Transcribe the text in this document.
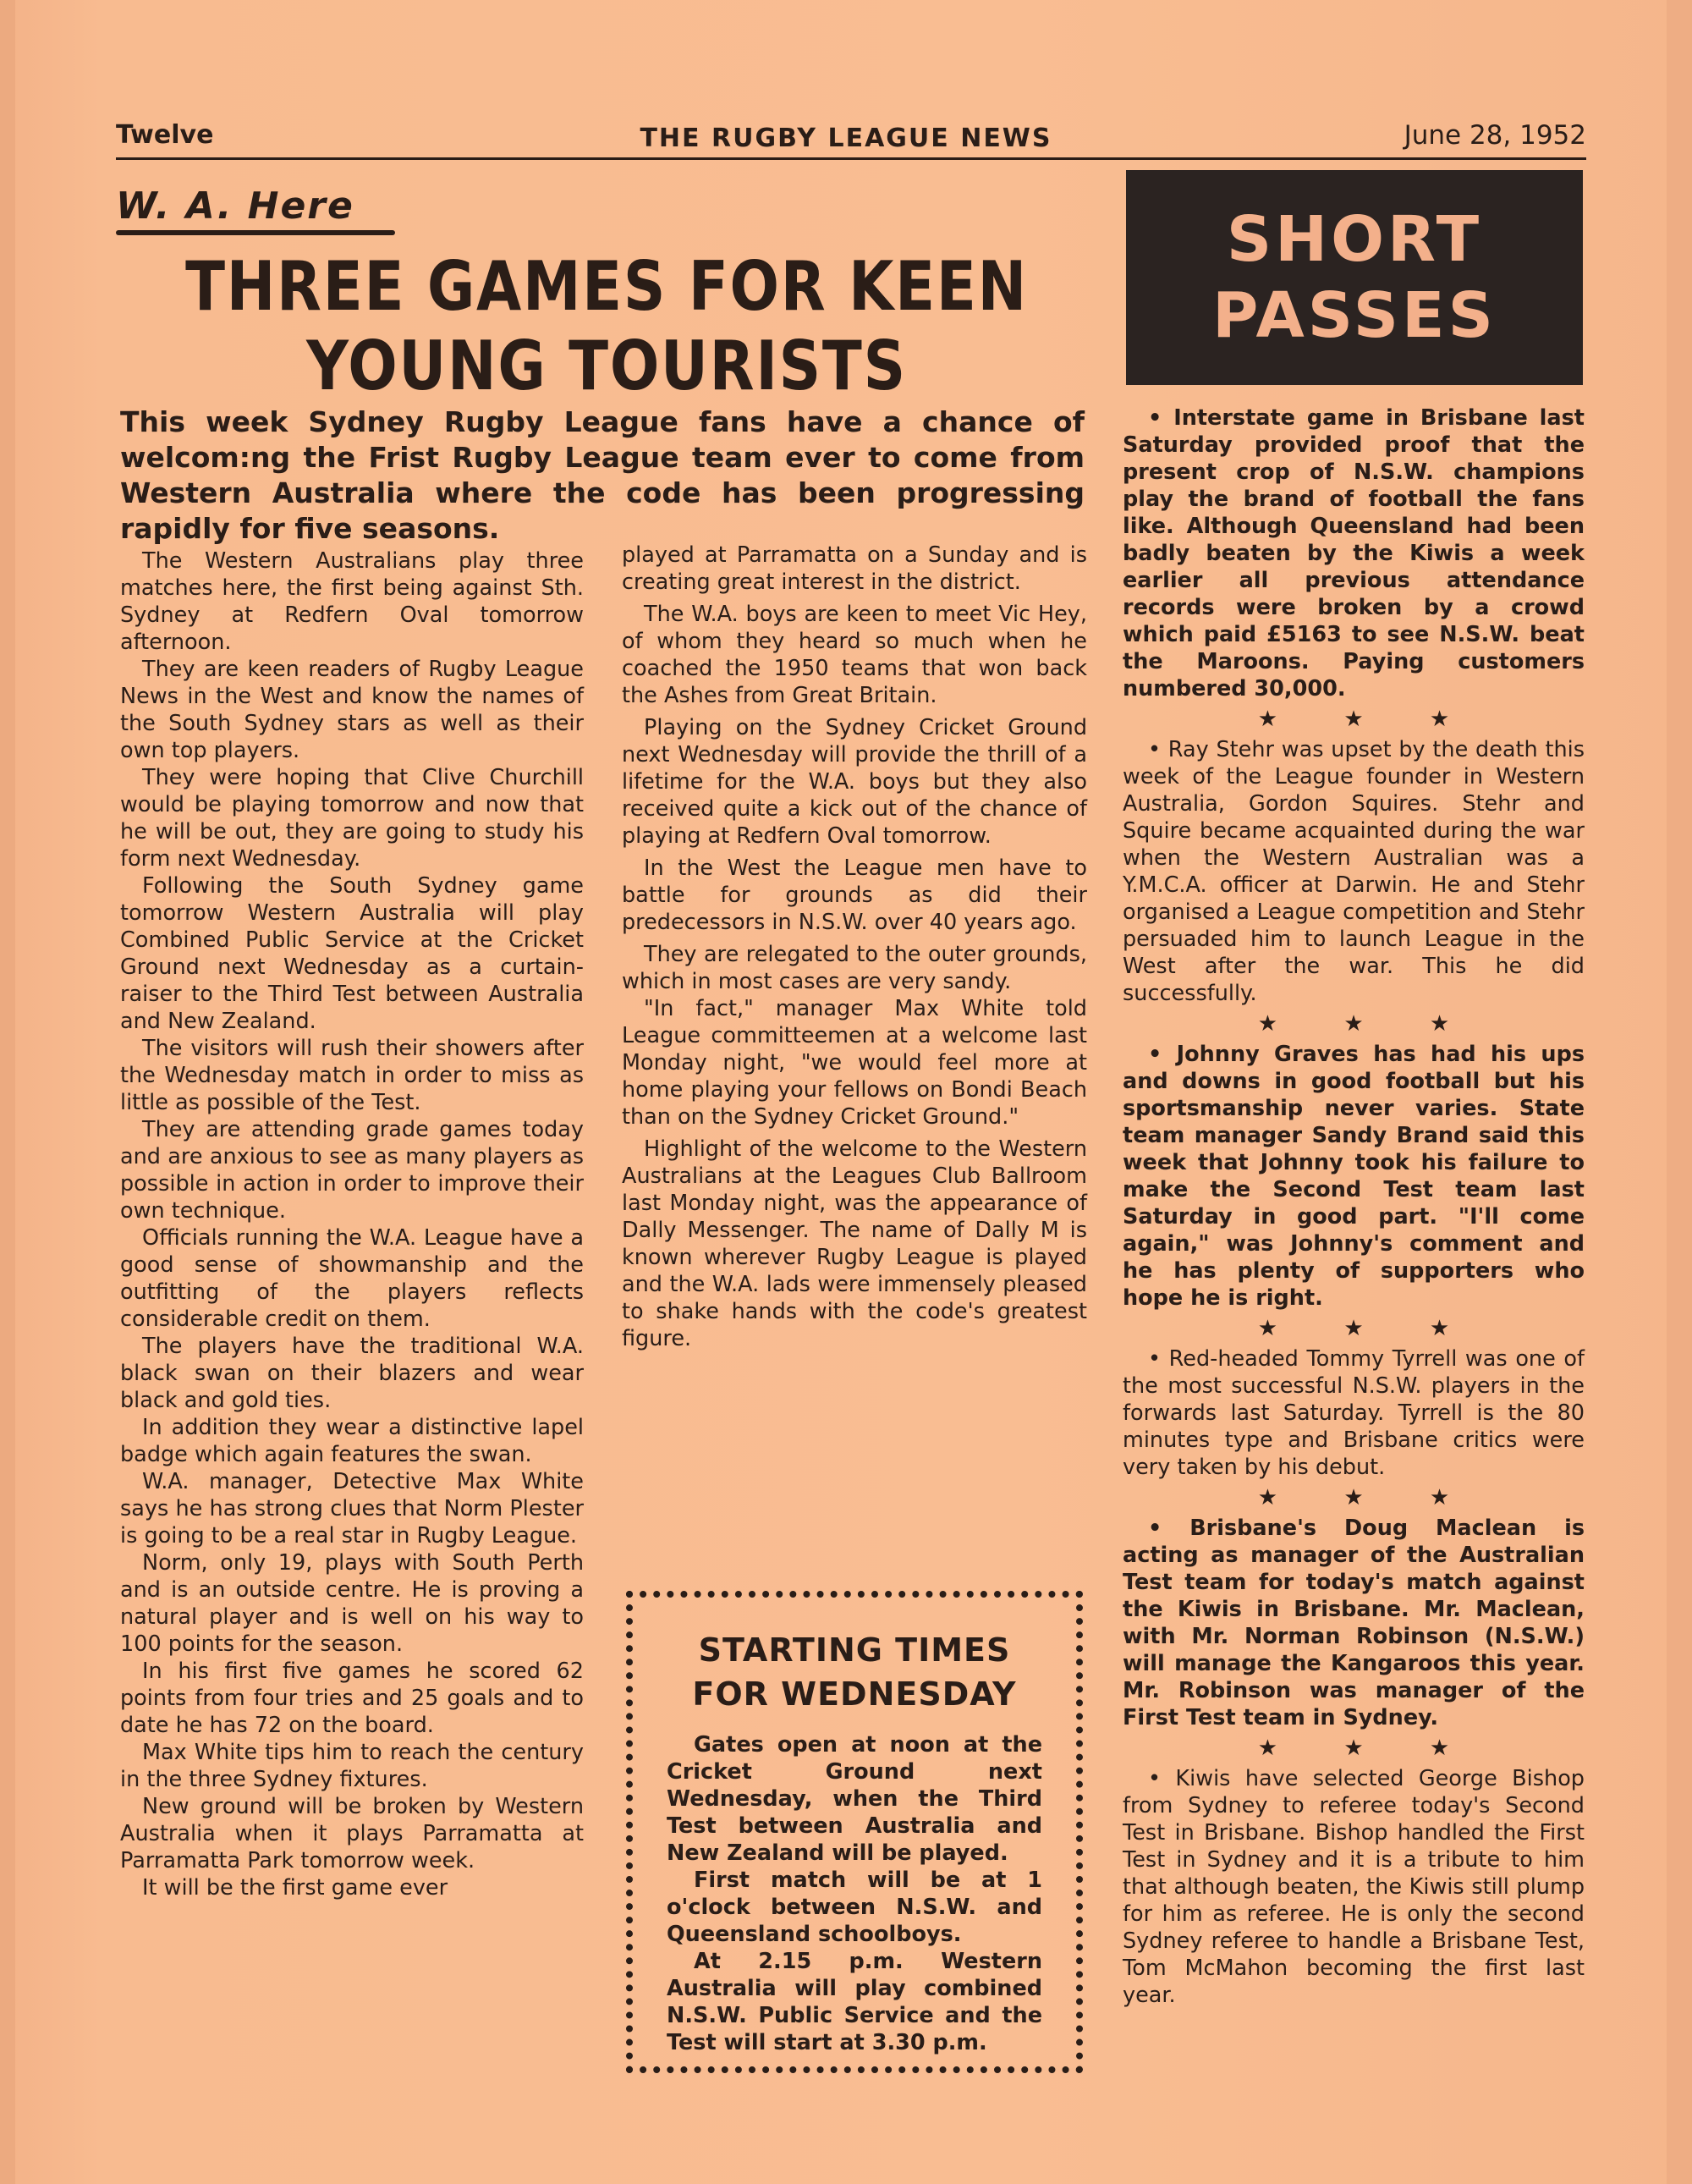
Twelve	THE RUGBY LEAGUE NEWS	June 28, 1952
W. A. Here
THREE GAMES FOR KEEN
YOUNG TOURISTS
This week Sydney Rugby League fans have a chance of welcom:ng the Frist Rugby League team ever to come from Western Australia where the code has been progressing rapidly for five seasons.

The Western Australians play three matches here, the first being against Sth. Sydney at Redfern Oval tomorrow afternoon.

They are keen readers of Rugby League News in the West and know the names of the South Sydney stars as well as their own top players.

They were hoping that Clive Churchill would be playing tomorrow and now that he will be out, they are going to study his form next Wednesday.

Following the South Sydney game tomorrow Western Australia will play Combined Public Service at the Cricket Ground next Wednesday as a curtain-raiser to the Third Test between Australia and New Zealand.

The visitors will rush their showers after the Wednesday match in order to miss as little as possible of the Test.

They are attending grade games today and are anxious to see as many players as possible in action in order to improve their own technique.

Officials running the W.A. League have a good sense of showmanship and the outfitting of the players reflects considerable credit on them.

The players have the traditional W.A. black swan on their blazers and wear black and gold ties.

In addition they wear a distinctive lapel badge which again features the swan.

W.A. manager, Detective Max White says he has strong clues that Norm Plester is going to be a real star in Rugby League.

Norm, only 19, plays with South Perth and is an outside centre. He is proving a natural player and is well on his way to 100 points for the season.

In his first five games he scored 62 points from four tries and 25 goals and to date he has 72 on the board.

Max White tips him to reach the century in the three Sydney fixtures.

New ground will be broken by Western Australia when it plays Parramatta at Parramatta Park tomorrow week.

It will be the first game ever

played at Parramatta on a Sunday and is creating great interest in the district.

The W.A. boys are keen to meet Vic Hey, of whom they heard so much when he coached the 1950 teams that won back the Ashes from Great Britain.

Playing on the Sydney Cricket Ground next Wednesday will provide the thrill of a lifetime for the W.A. boys but they also received quite a kick out of the chance of playing at Redfern Oval tomorrow.

In the West the League men have to battle for grounds as did their predecessors in N.S.W. over 40 years ago.

They are relegated to the outer grounds, which in most cases are very sandy.

"In fact," manager Max White told League committeemen at a welcome last Monday night, "we would feel more at home playing your fellows on Bondi Beach than on the Sydney Cricket Ground."

Highlight of the welcome to the Western Australians at the Leagues Club Ballroom last Monday night, was the appearance of Dally Messenger. The name of Dally M is known wherever Rugby League is played and the W.A. lads were immensely pleased to shake hands with the code's greatest figure.

STARTING TIMES
FOR WEDNESDAY

Gates open at noon at the Cricket Ground next Wednesday, when the Third Test between Australia and New Zealand will be played.

First match will be at 1 o'clock between N.S.W. and Queensland schoolboys.

At 2.15 p.m. Western Australia will play combined N.S.W. Public Service and the Test will start at 3.30 p.m.

SHORT
PASSES

• Interstate game in Brisbane last Saturday provided proof that the present crop of N.S.W. champions play the brand of football the fans like. Although Queensland had been badly beaten by the Kiwis a week earlier all previous attendance records were broken by a crowd which paid £5163 to see N.S.W. beat the Maroons. Paying customers numbered 30,000.

★ ★ ★

• Ray Stehr was upset by the death this week of the League founder in Western Australia, Gordon Squires. Stehr and Squire became acquainted during the war when the Western Australian was a Y.M.C.A. officer at Darwin. He and Stehr organised a League competition and Stehr persuaded him to launch League in the West after the war. This he did successfully.

★ ★ ★

• Johnny Graves has had his ups and downs in good football but his sportsmanship never varies. State team manager Sandy Brand said this week that Johnny took his failure to make the Second Test team last Saturday in good part. "I'll come again," was Johnny's comment and he has plenty of supporters who hope he is right.

★ ★ ★

• Red-headed Tommy Tyrrell was one of the most successful N.S.W. players in the forwards last Saturday. Tyrrell is the 80 minutes type and Brisbane critics were very taken by his debut.

★ ★ ★

• Brisbane's Doug Maclean is acting as manager of the Australian Test team for today's match against the Kiwis in Brisbane. Mr. Maclean, with Mr. Norman Robinson (N.S.W.) will manage the Kangaroos this year. Mr. Robinson was manager of the First Test team in Sydney.

★ ★ ★

• Kiwis have selected George Bishop from Sydney to referee today's Second Test in Brisbane. Bishop handled the First Test in Sydney and it is a tribute to him that although beaten, the Kiwis still plump for him as referee. He is only the second Sydney referee to handle a Brisbane Test, Tom McMahon becoming the first last year.
